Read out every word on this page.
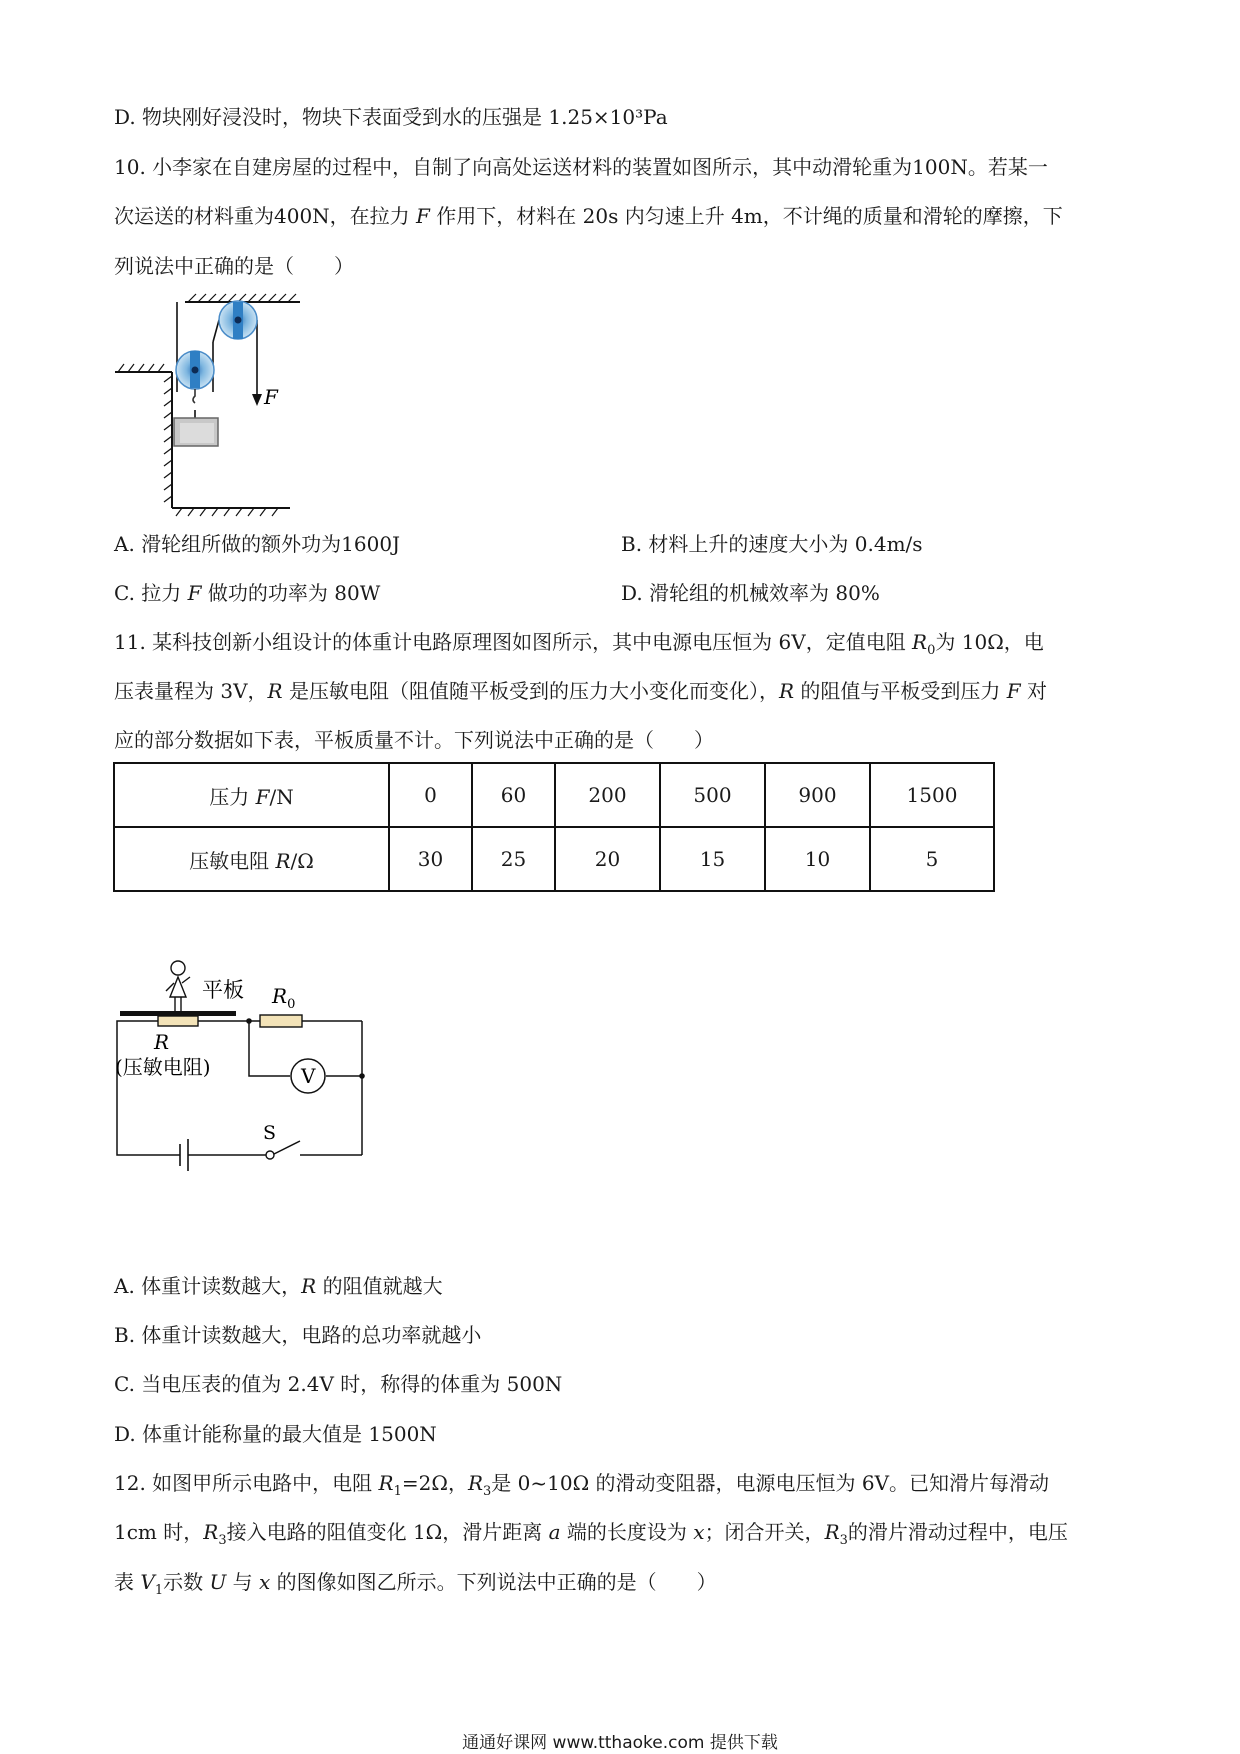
D. 物块刚好浸没时，物块下表面受到水的压强是 1.25×10³Pa
10. 小李家在自建房屋的过程中，自制了向高处运送材料的装置如图所示，其中动滑轮重为100N。若某一
次运送的材料重为400N，在拉力 F 作用下，材料在 20s 内匀速上升 4m，不计绳的质量和滑轮的摩擦，下
列说法中正确的是（　　）
F
A. 滑轮组所做的额外功为1600J	B. 材料上升的速度大小为 0.4m/s
C. 拉力 F 做功的功率为 80W	D. 滑轮组的机械效率为 80%
11. 某科技创新小组设计的体重计电路原理图如图所示，其中电源电压恒为 6V，定值电阻 $R_0$为 10Ω，电
压表量程为 3V，R 是压敏电阻（阻值随平板受到的压力大小变化而变化），R 的阻值与平板受到压力 F 对
应的部分数据如下表，平板质量不计。下列说法中正确的是（　　）
压力 F/N	0	60	200	500	900	1500
压敏电阻 R/Ω	30	25	20	15	10	5
平板 $R_0$
V
R
(压敏电阻)
S
A. 体重计读数越大，R 的阻值就越大
B. 体重计读数越大，电路的总功率就越小
C. 当电压表的值为 2.4V 时，称得的体重为 500N
D. 体重计能称量的最大值是 1500N
12. 如图甲所示电路中，电阻 $R_1=2\Omega$，$R_3$是 0~10Ω 的滑动变阻器，电源电压恒为 6V。已知滑片每滑动
1cm 时，$R_3$接入电路的阻值变化 1Ω，滑片距离 a 端的长度设为 x；闭合开关，$R_3$的滑片滑动过程中，电压
表 $V_1$示数 U 与 x 的图像如图乙所示。下列说法中正确的是（　　）
通通好课网 www.tthaoke.com 提供下载
